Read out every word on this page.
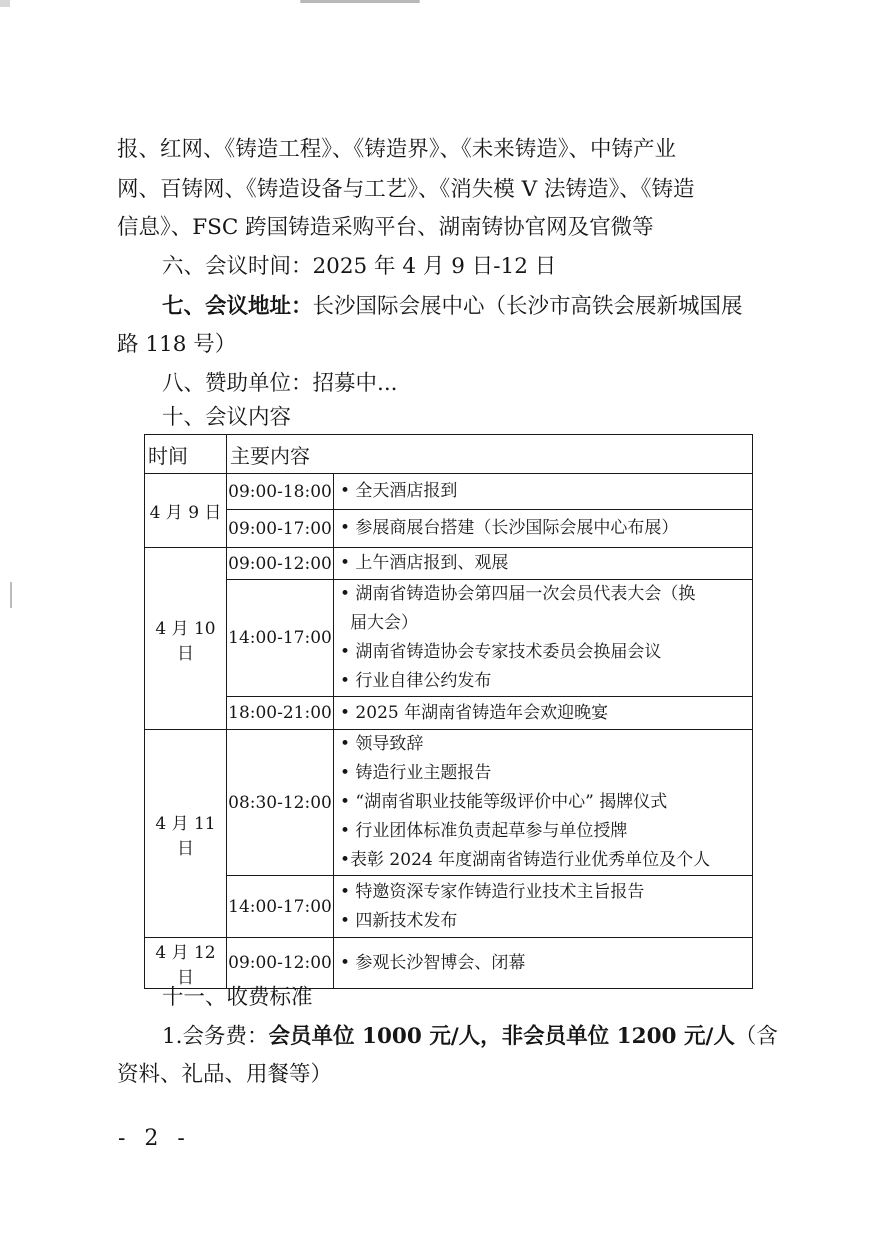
报、红网、《铸造工程》、《铸造界》、《未来铸造》、中铸产业
网、百铸网、《铸造设备与工艺》、《消失模 V 法铸造》、《铸造
信息》、FSC 跨国铸造采购平台、湖南铸协官网及官微等
六、会议时间：2025 年 4 月 9 日-12 日
七、会议地址：长沙国际会展中心（长沙市高铁会展新城国展
路 118 号）
八、赞助单位：招募中...
十、会议内容
时间	主要内容	
4 月 9 日	09:00-18:00	• 全天酒店报到

	09:00-17:00	• 参展商展台搭建（长沙国际会展中心布展）

4 月 10 日	09:00-12:00	• 上午酒店报到、观展

	14:00-17:00	• 湖南省铸造协会第四届一次会员代表大会（换
届大会）
• 湖南省铸造协会专家技术委员会换届会议
• 行业自律公约发布

	18:00-21:00	• 2025 年湖南省铸造年会欢迎晚宴

4 月 11 日	08:30-12:00	• 领导致辞
• 铸造行业主题报告
• “湖南省职业技能等级评价中心” 揭牌仪式
• 行业团体标准负责起草参与单位授牌
•表彰 2024 年度湖南省铸造行业优秀单位及个人

	14:00-17:00	• 特邀资深专家作铸造行业技术主旨报告
• 四新技术发布

4 月 12 日	09:00-12:00	• 参观长沙智博会、闭幕
十一、收费标准
1.会务费：会员单位 1000 元/人，非会员单位 1200 元/人（含
资料、礼品、用餐等）
- 2 -
